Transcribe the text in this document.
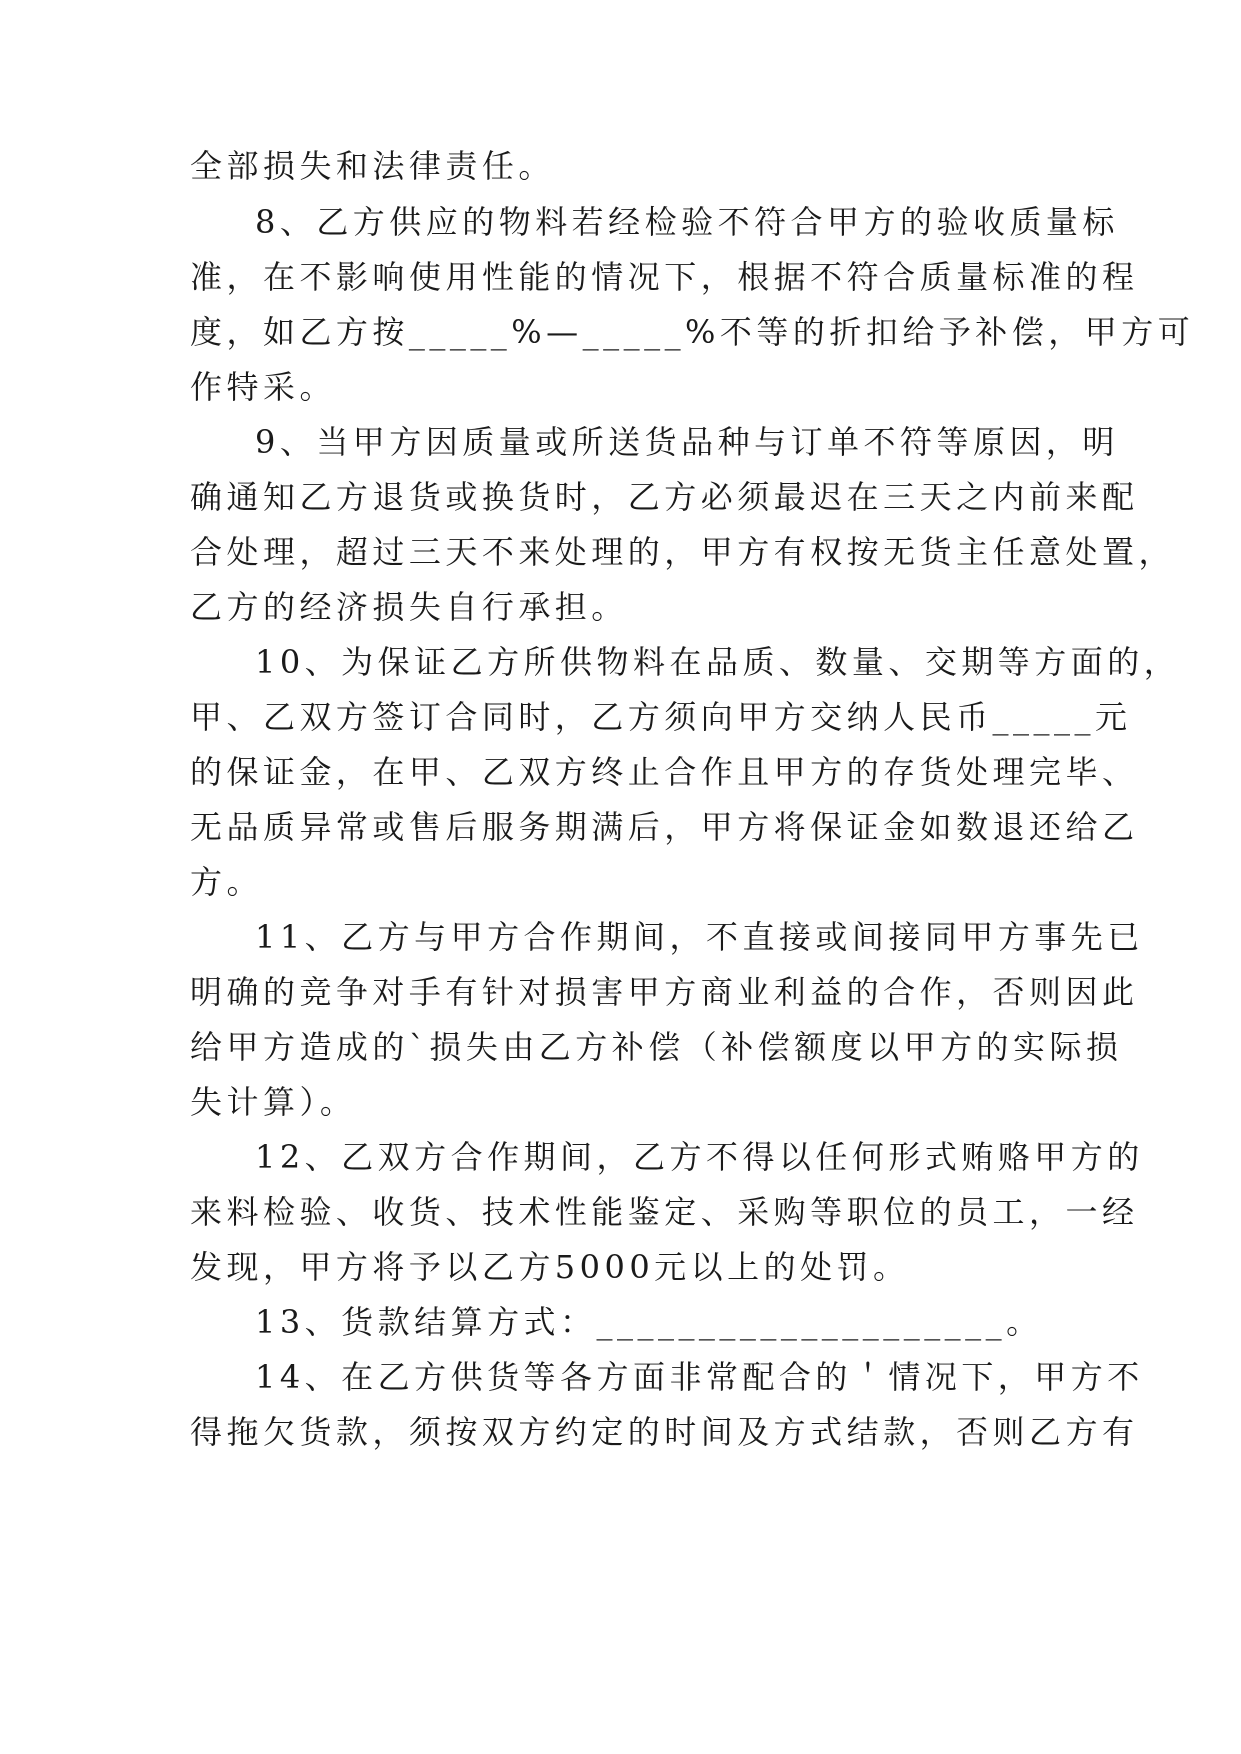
全部损失和法律责任。
8、乙方供应的物料若经检验不符合甲方的验收质量标
准，在不影响使用性能的情况下，根据不符合质量标准的程
度，如乙方按_____%—_____%不等的折扣给予补偿，甲方可
作特采。
9、当甲方因质量或所送货品种与订单不符等原因，明
确通知乙方退货或换货时，乙方必须最迟在三天之内前来配
合处理，超过三天不来处理的，甲方有权按无货主任意处置，
乙方的经济损失自行承担。
10、为保证乙方所供物料在品质、数量、交期等方面的，
甲、乙双方签订合同时，乙方须向甲方交纳人民币_____元
的保证金，在甲、乙双方终止合作且甲方的存货处理完毕、
无品质异常或售后服务期满后，甲方将保证金如数退还给乙
方。
11、乙方与甲方合作期间，不直接或间接同甲方事先已
明确的竞争对手有针对损害甲方商业利益的合作，否则因此
给甲方造成的`损失由乙方补偿（补偿额度以甲方的实际损
失计算）。
12、乙双方合作期间，乙方不得以任何形式贿赂甲方的
来料检验、收货、技术性能鉴定、采购等职位的员工，一经
发现，甲方将予以乙方5000元以上的处罚。
13、货款结算方式：____________________。
14、在乙方供货等各方面非常配合的＇情况下，甲方不
得拖欠货款，须按双方约定的时间及方式结款，否则乙方有
